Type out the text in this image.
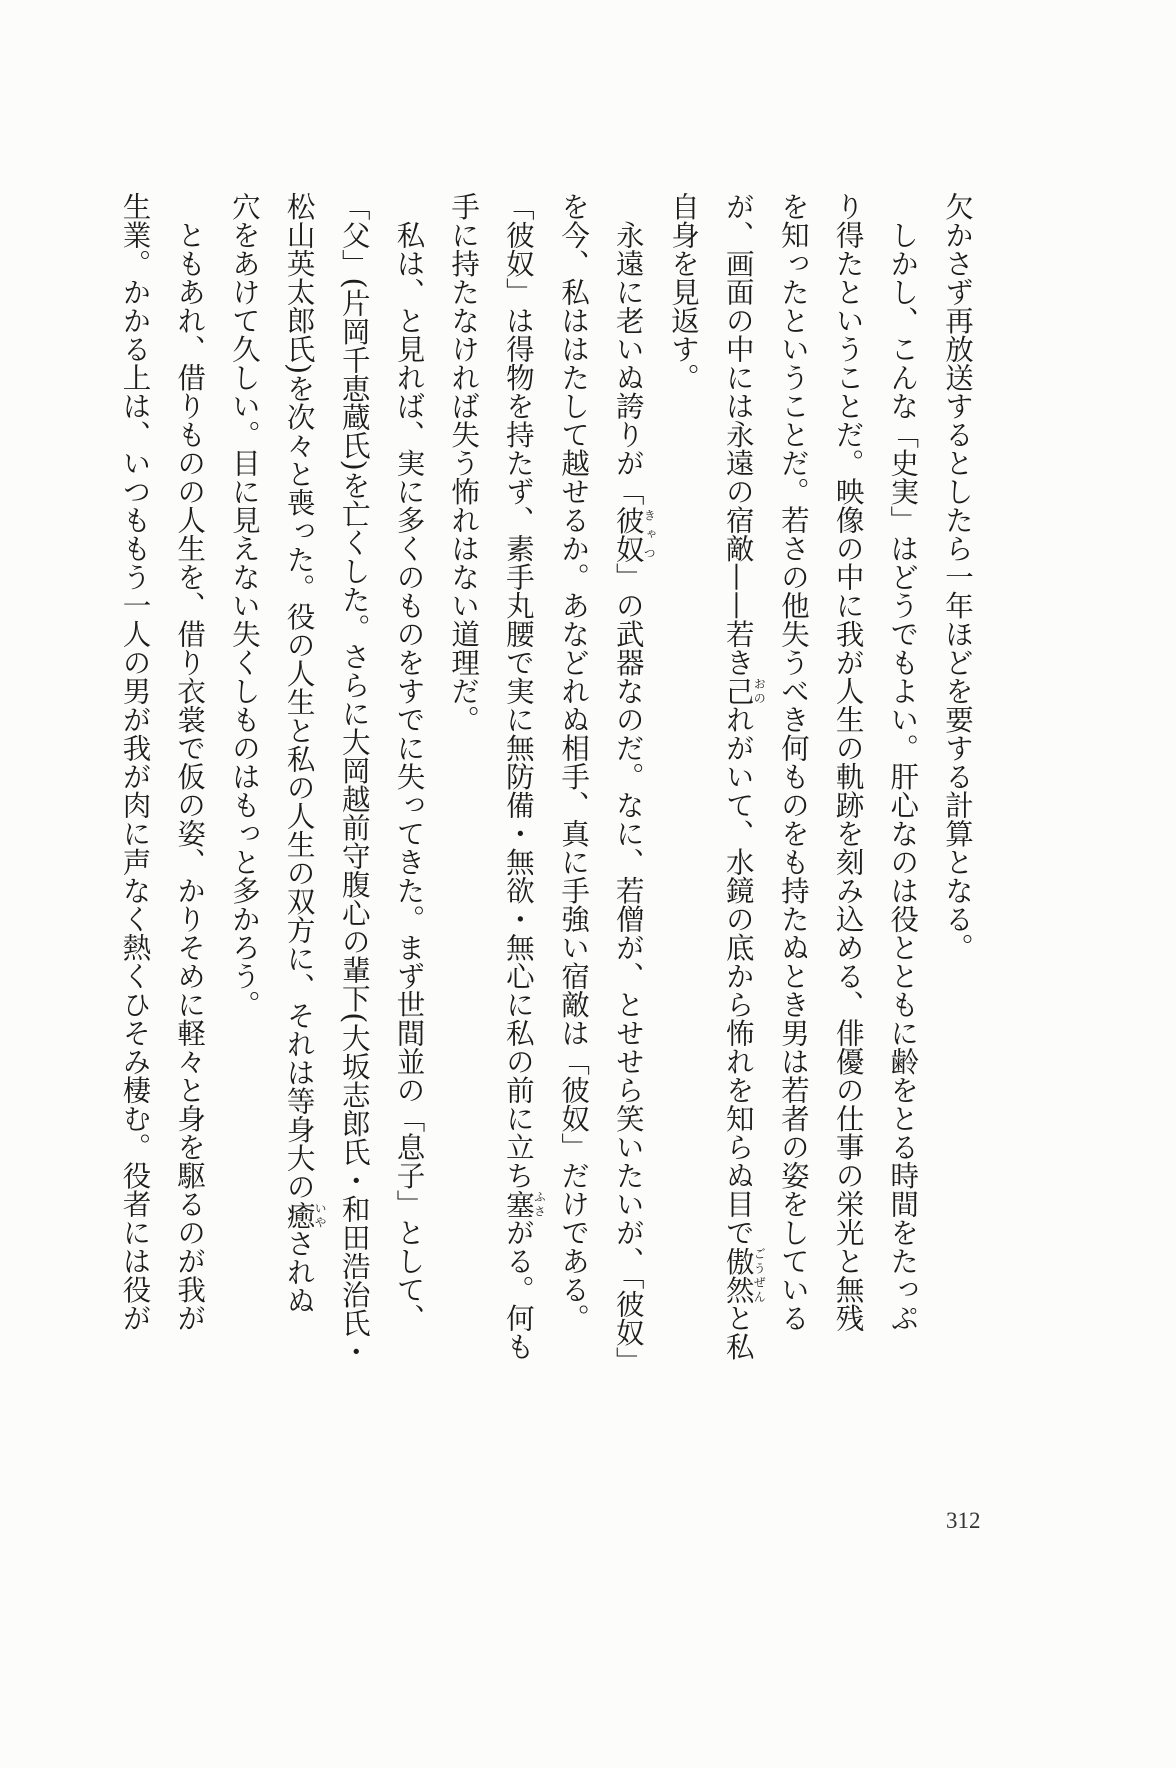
欠かさず再放送するとしたら一年ほどを要する計算となる。
　しかし、こんな「史実」はどうでもよい。肝心なのは役とともに齢をとる時間をたっぷ
り得たということだ。映像の中に我が人生の軌跡を刻み込める、俳優の仕事の栄光と無残
を知ったということだ。若さの他失うべき何ものをも持たぬとき男は若者の姿をしている
が、画面の中には永遠の宿敵——若き己おのれがいて、水鏡の底から怖れを知らぬ目で傲然ごうぜんと私
自身を見返す。
　永遠に老いぬ誇りが「彼奴きゃつ」の武器なのだ。なに、若僧が、とせせら笑いたいが、「彼奴」
を今、私ははたして越せるか。あなどれぬ相手、真に手強い宿敵は「彼奴」だけである。
「彼奴」は得物を持たず、素手丸腰で実に無防備・無欲・無心に私の前に立ち塞ふさがる。何も
手に持たなければ失う怖れはない道理だ。
　私は、と見れば、実に多くのものをすでに失ってきた。まず世間並の「息子」として、
「父」(片岡千恵蔵氏)を亡くした。さらに大岡越前守腹心の輩下(大坂志郎氏・和田浩治氏・
松山英太郎氏)を次々と喪った。役の人生と私の人生の双方に、それは等身大の癒いやされぬ
穴をあけて久しい。目に見えない失くしものはもっと多かろう。
　ともあれ、借りものの人生を、借り衣裳で仮の姿、かりそめに軽々と身を駆るのが我が
生業。かかる上は、いつももう一人の男が我が肉に声なく熱くひそみ棲む。役者には役が
312
